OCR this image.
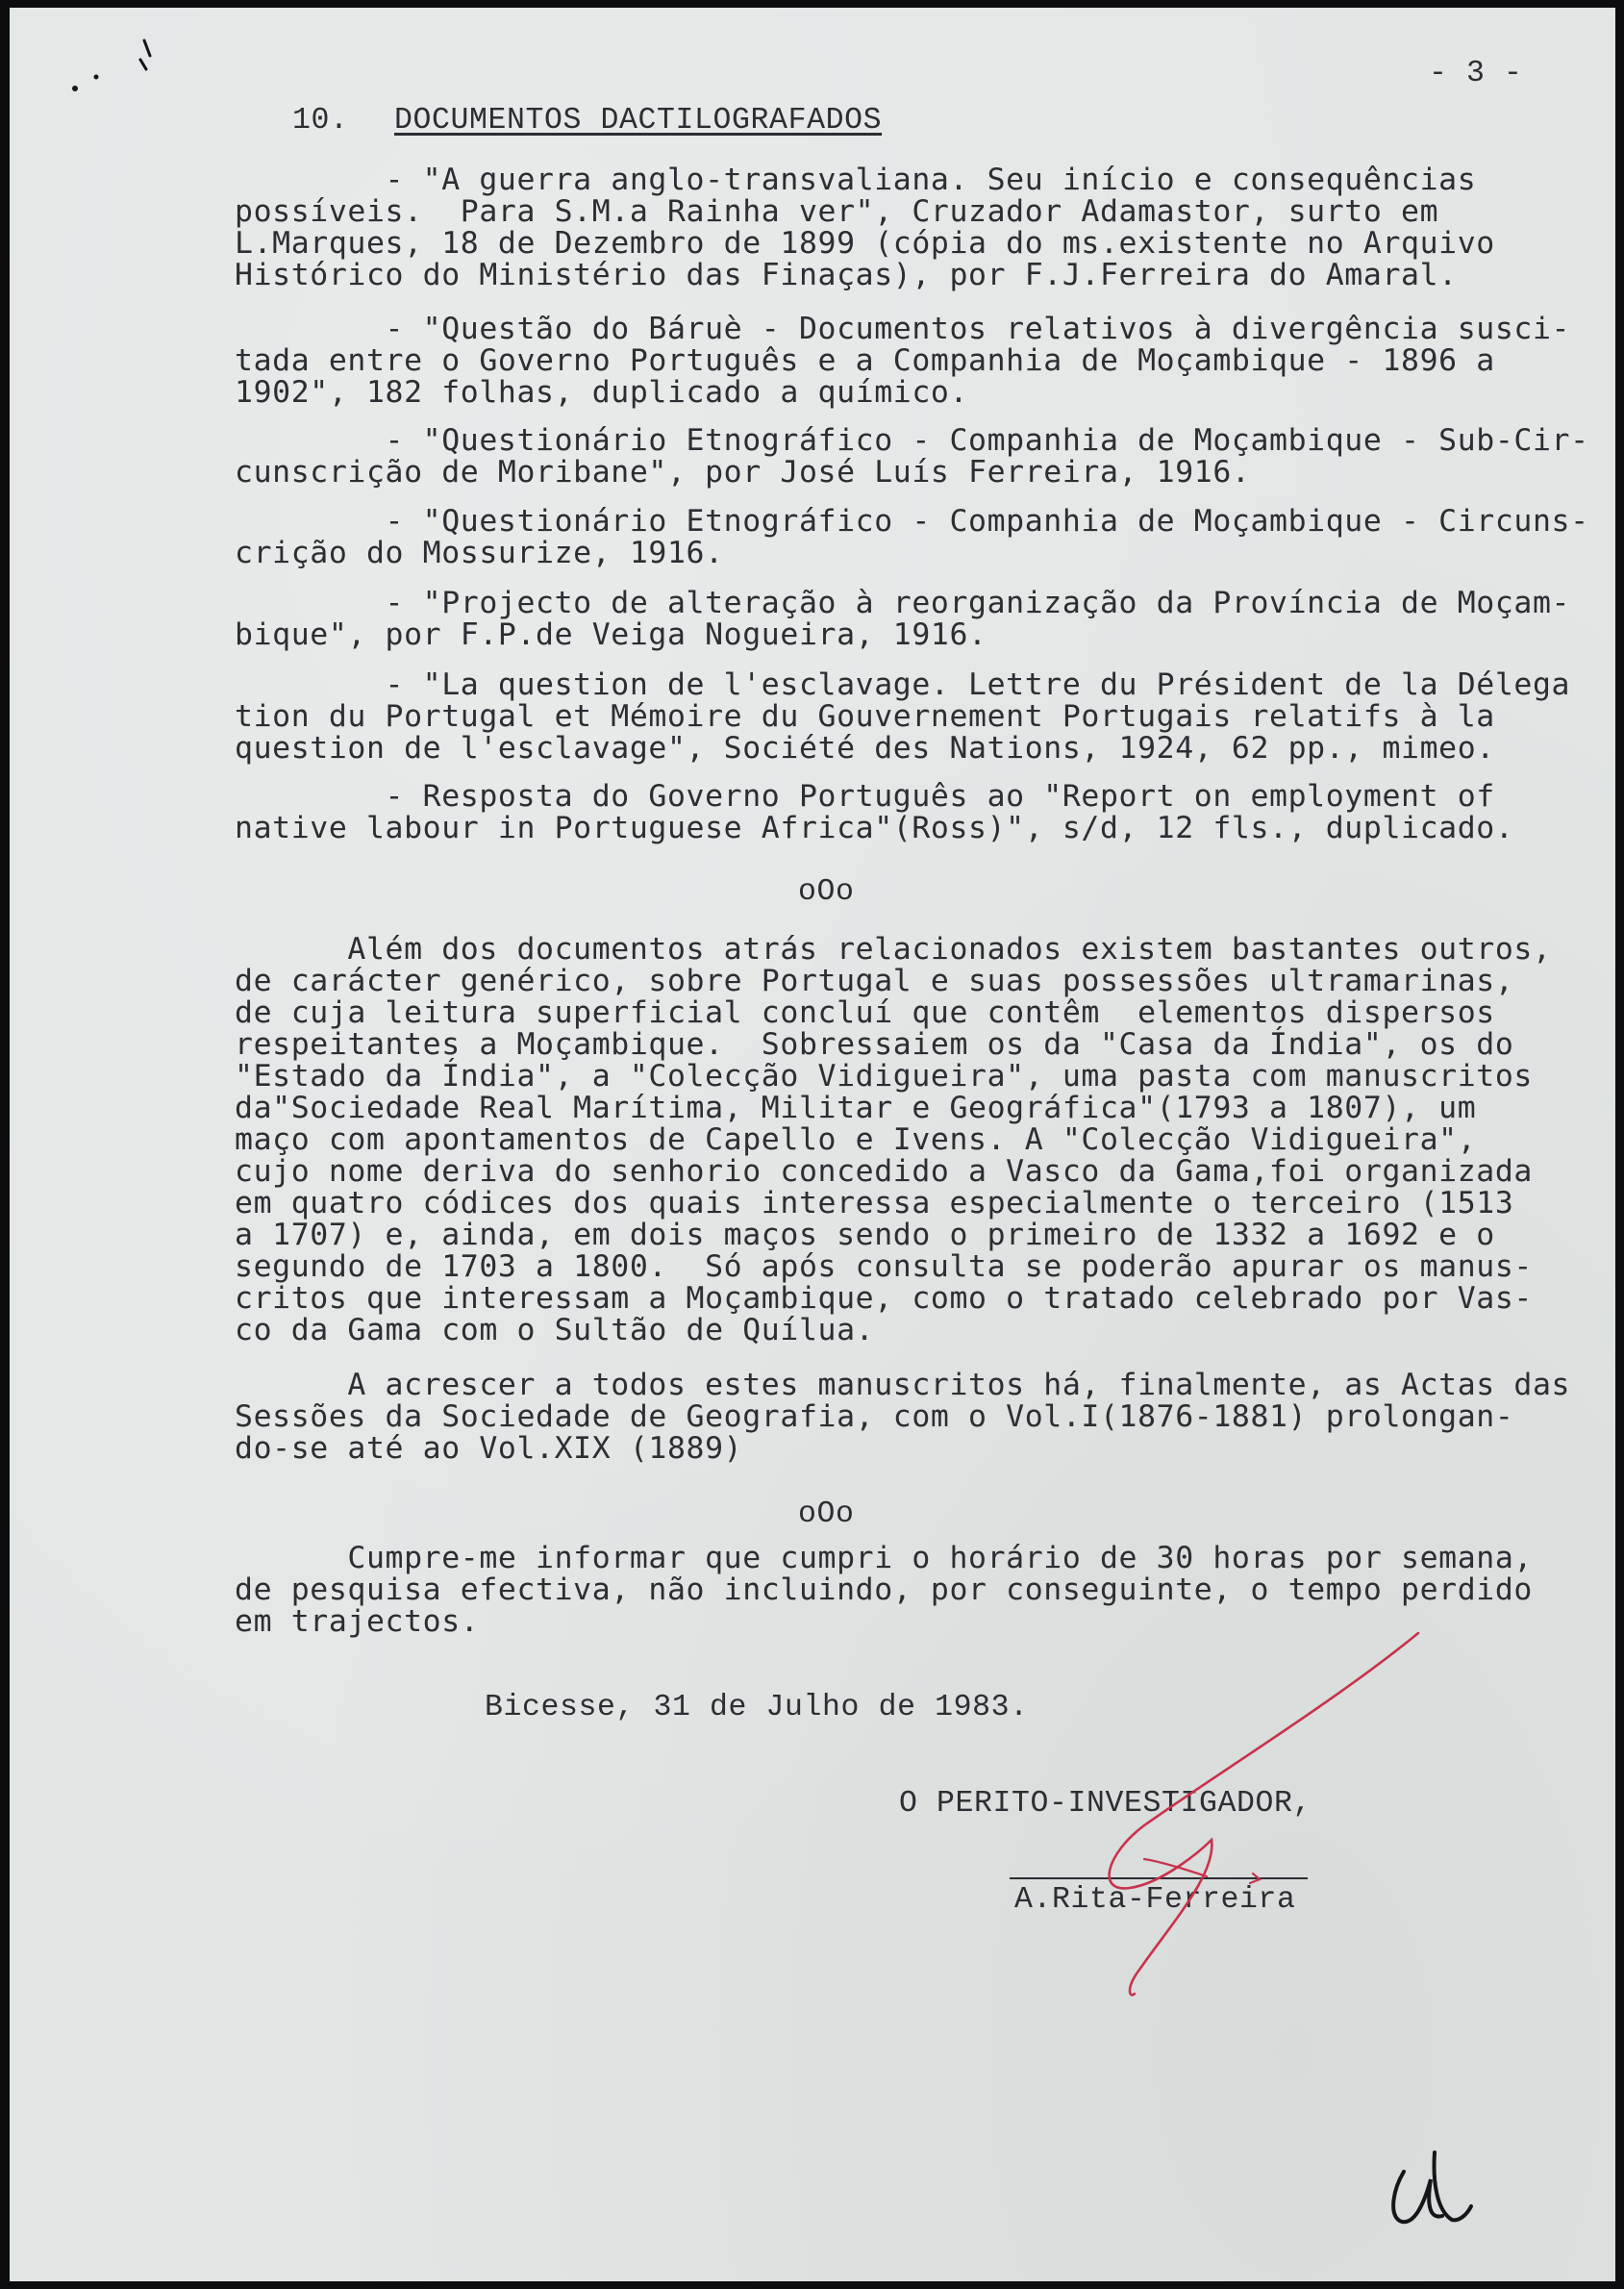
- 3 -
10. DOCUMENTOS DACTILOGRAFADOS
- "A guerra anglo-transvaliana. Seu início e consequências
possíveis.  Para S.M.a Rainha ver", Cruzador Adamastor, surto em
L.Marques, 18 de Dezembro de 1899 (cópia do ms.existente no Arquivo
Histórico do Ministério das Finaças), por F.J.Ferreira do Amaral.
- "Questão do Báruè - Documentos relativos à divergência susci-
tada entre o Governo Português e a Companhia de Moçambique - 1896 a
1902", 182 folhas, duplicado a químico.
- "Questionário Etnográfico - Companhia de Moçambique - Sub-Cir-
cunscrição de Moribane", por José Luís Ferreira, 1916.
- "Questionário Etnográfico - Companhia de Moçambique - Circuns-
crição do Mossurize, 1916.
- "Projecto de alteração à reorganização da Província de Moçam-
bique", por F.P.de Veiga Nogueira, 1916.
- "La question de l'esclavage. Lettre du Président de la Délega
tion du Portugal et Mémoire du Gouvernement Portugais relatifs à la
question de l'esclavage", Société des Nations, 1924, 62 pp., mimeo.
- Resposta do Governo Português ao "Report on employment of
native labour in Portuguese Africa"(Ross)", s/d, 12 fls., duplicado.
oOo
Além dos documentos atrás relacionados existem bastantes outros,
de carácter genérico, sobre Portugal e suas possessões ultramarinas,
de cuja leitura superficial concluí que contêm  elementos dispersos
respeitantes a Moçambique.  Sobressaiem os da "Casa da Índia", os do
"Estado da Índia", a "Colecção Vidigueira", uma pasta com manuscritos
da"Sociedade Real Marítima, Militar e Geográfica"(1793 a 1807), um
maço com apontamentos de Capello e Ivens. A "Colecção Vidigueira",
cujo nome deriva do senhorio concedido a Vasco da Gama,foi organizada
em quatro códices dos quais interessa especialmente o terceiro (1513
a 1707) e, ainda, em dois maços sendo o primeiro de 1332 a 1692 e o
segundo de 1703 a 1800.  Só após consulta se poderão apurar os manus-
critos que interessam a Moçambique, como o tratado celebrado por Vas-
co da Gama com o Sultão de Quílua.
A acrescer a todos estes manuscritos há, finalmente, as Actas das
Sessões da Sociedade de Geografia, com o Vol.I(1876-1881) prolongan-
do-se até ao Vol.XIX (1889)
oOo
Cumpre-me informar que cumpri o horário de 30 horas por semana,
de pesquisa efectiva, não incluindo, por conseguinte, o tempo perdido
em trajectos.
Bicesse, 31 de Julho de 1983.
O PERITO-INVESTIGADOR,
A.Rita-Ferreira
